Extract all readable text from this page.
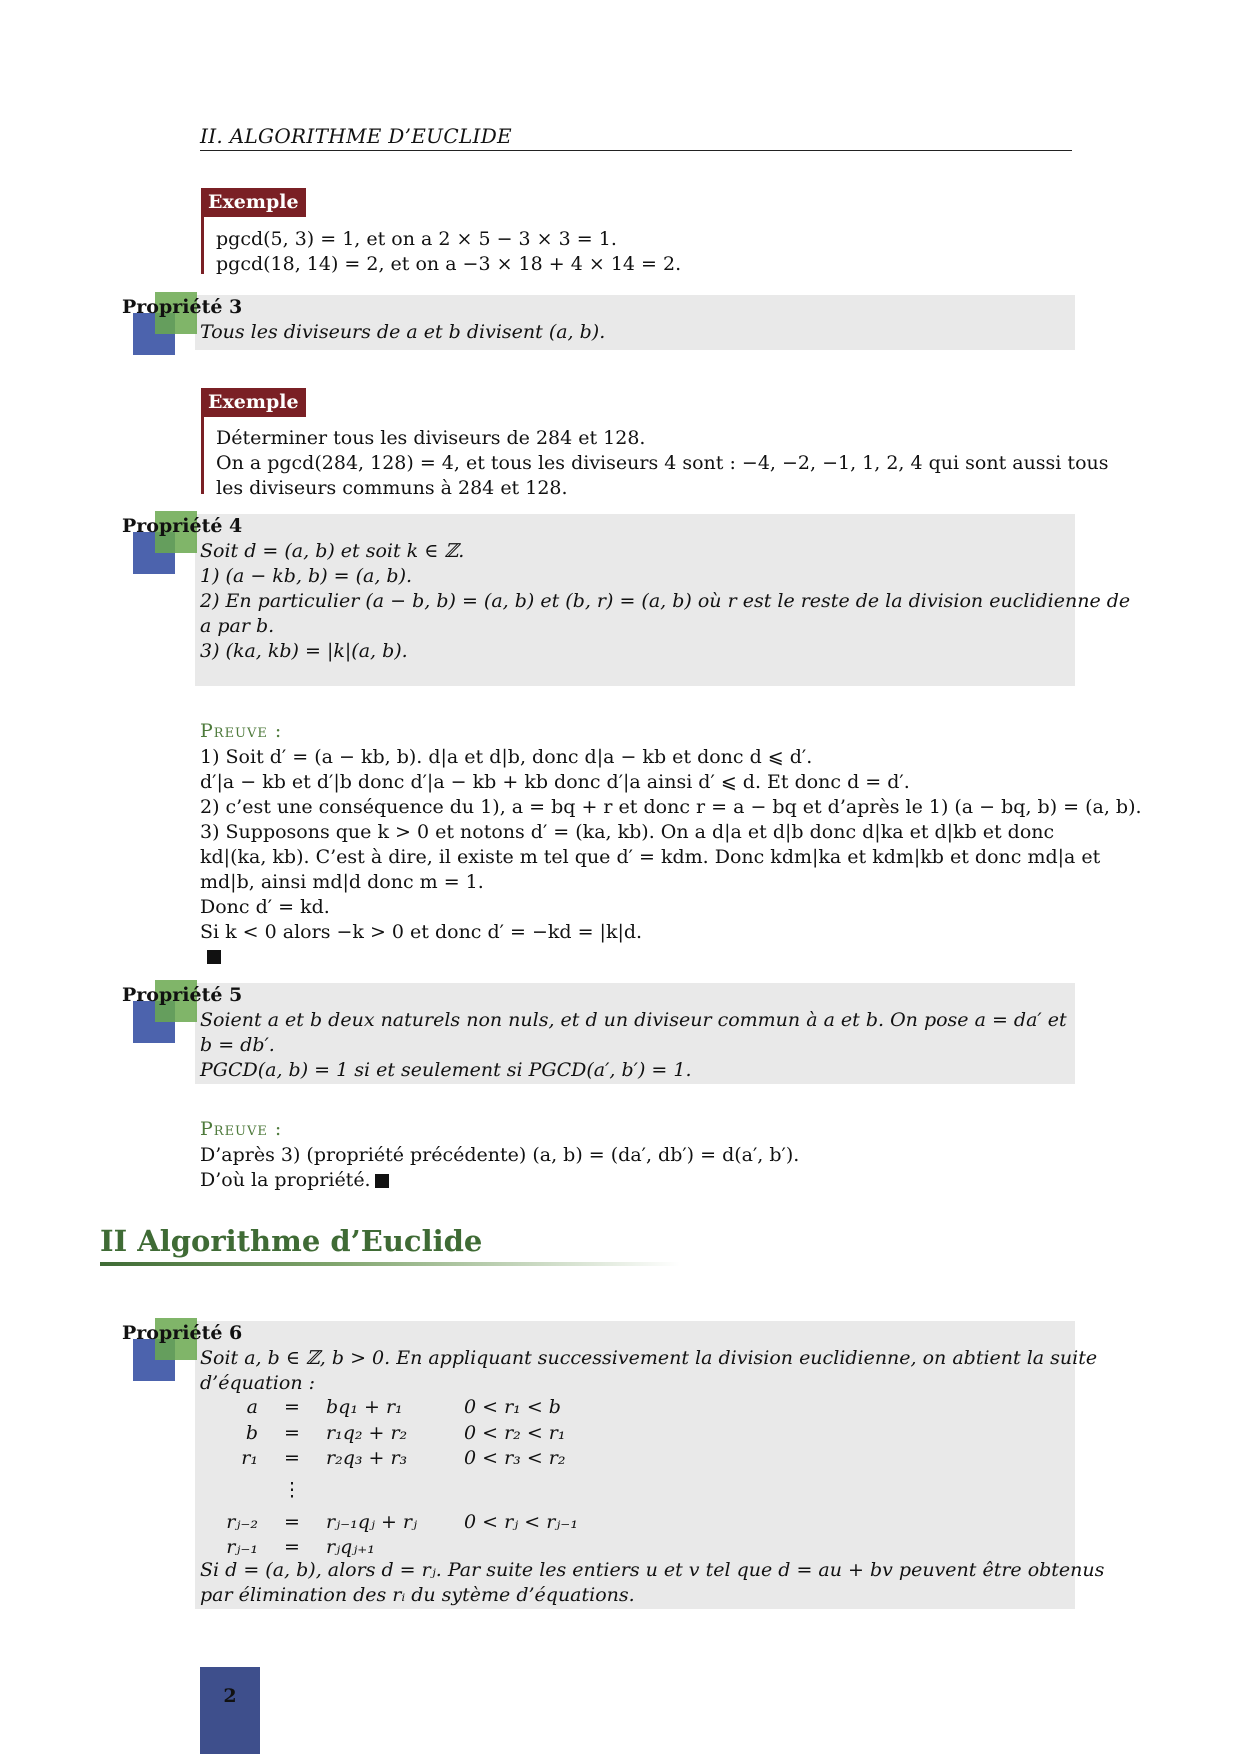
II. ALGORITHME D’EUCLIDE
Exemple
pgcd(5, 3) = 1, et on a 2 × 5 − 3 × 3 = 1.
pgcd(18, 14) = 2, et on a −3 × 18 + 4 × 14 = 2.
Propriété 3
Tous les diviseurs de a et b divisent (a, b).
Exemple
Déterminer tous les diviseurs de 284 et 128.
On a pgcd(284, 128) = 4, et tous les diviseurs 4 sont : −4, −2, −1, 1, 2, 4 qui sont aussi tous
les diviseurs communs à 284 et 128.
Propriété 4
Soit d = (a, b) et soit k ∈ ℤ.
1) (a − kb, b) = (a, b).
2) En particulier (a − b, b) = (a, b) et (b, r) = (a, b) où r est le reste de la division euclidienne de
a par b.
3) (ka, kb) = |k|(a, b).
Preuve :
1) Soit d′ = (a − kb, b). d|a et d|b, donc d|a − kb et donc d ⩽ d′.
d′|a − kb et d′|b donc d′|a − kb + kb donc d′|a ainsi d′ ⩽ d. Et donc d = d′.
2) c’est une conséquence du 1), a = bq + r et donc r = a − bq et d’après le 1) (a − bq, b) = (a, b).
3) Supposons que k > 0 et notons d′ = (ka, kb). On a d|a et d|b donc d|ka et d|kb et donc
kd|(ka, kb). C’est à dire, il existe m tel que d′ = kdm. Donc kdm|ka et kdm|kb et donc md|a et
md|b, ainsi md|d donc m = 1.
Donc d′ = kd.
Si k < 0 alors −k > 0 et donc d′ = −kd = |k|d.
Propriété 5
Soient a et b deux naturels non nuls, et d un diviseur commun à a et b. On pose a = da′ et
b = db′.
PGCD(a, b) = 1 si et seulement si PGCD(a′, b′) = 1.
Preuve :
D’après 3) (propriété précédente) (a, b) = (da′, db′) = d(a′, b′).
D’où la propriété.
II Algorithme d’Euclide
Propriété 6
Soit a, b ∈ ℤ, b > 0. En appliquant successivement la division euclidienne, on abtient la suite
d’équation :
a	=	bq₁ + r₁	0 < r₁ < b
b	=	r₁q₂ + r₂	0 < r₂ < r₁
r₁	=	r₂q₃ + r₃	0 < r₃ < r₂
	⋮		
rⱼ₋₂	=	rⱼ₋₁qⱼ + rⱼ	0 < rⱼ < rⱼ₋₁
rⱼ₋₁	=	rⱼqⱼ₊₁	
Si d = (a, b), alors d = rⱼ. Par suite les entiers u et v tel que d = au + bv peuvent être obtenus
par élimination des rᵢ du sytème d’équations.
2
